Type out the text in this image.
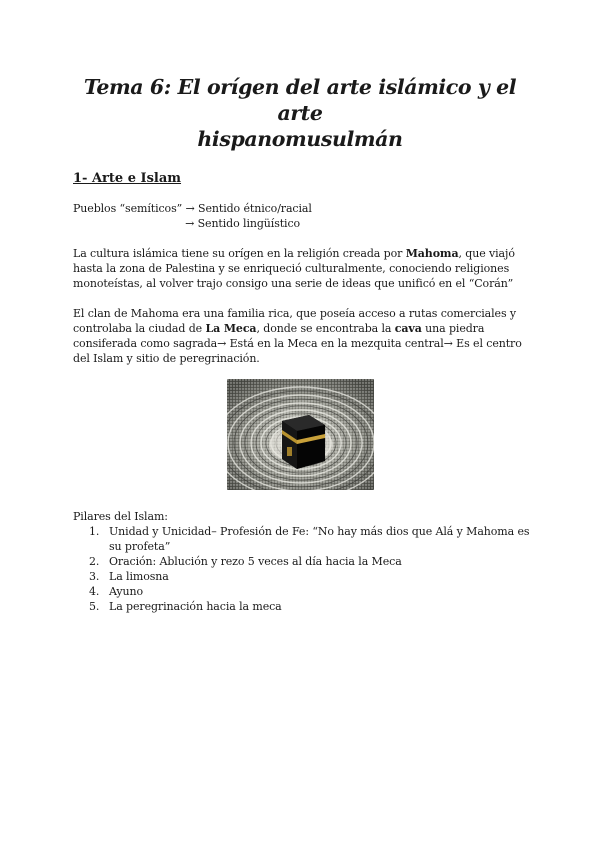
Tema 6: El orígen del arte islámico y el arte
hispanomusulmán
1- Arte e Islam
Pueblos “semíticos” → Sentido étnico/racial
→ Sentido lingüístico
La cultura islámica tiene su orígen en la religión creada por Mahoma, que viajó hasta la zona de Palestina y se enriqueció culturalmente, conociendo religiones monoteístas, al volver trajo consigo una serie de ideas que unificó en el “Corán”
El clan de Mahoma era una familia rica, que poseía acceso a rutas comerciales y controlaba la ciudad de La Meca, donde se encontraba la cava una piedra consiferada como sagrada→ Está en la Meca en la mezquita central→ Es el centro del Islam y sitio de peregrinación.
Pilares del Islam:
1. Unidad y Unicidad– Profesión de Fe: “No hay más dios que Alá y Mahoma es su profeta”
2. Oración: Ablución y rezo 5 veces al día hacia la Meca
3. La limosna
4. Ayuno
5. La peregrinación hacia la meca
